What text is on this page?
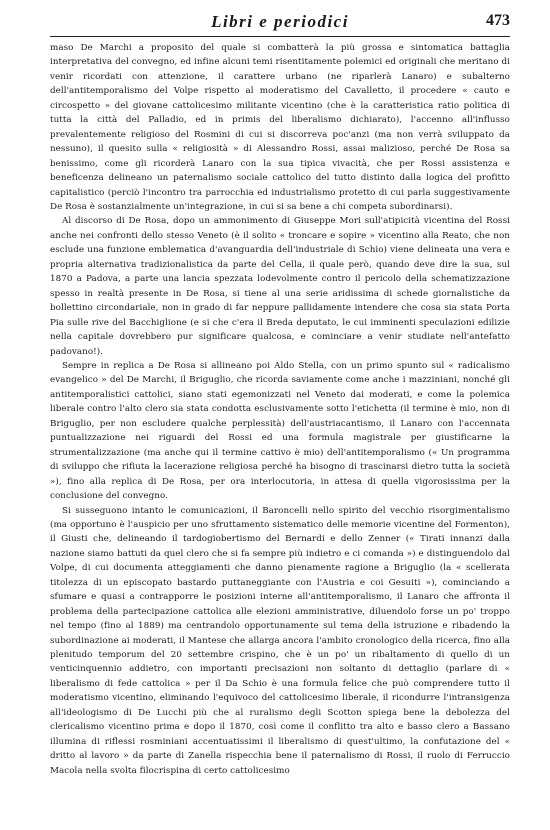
Libri e periodici	473

maso De Marchi a proposito del quale si combatterà la più grossa e sintomatica battaglia interpretativa del convegno, ed infine alcuni temi risentitamente polemici ed originali che meritano di venir ricordati con attenzione, il carattere urbano (ne riparlerà Lanaro) e subalterno dell'antitemporalismo del Volpe rispetto al moderatismo del Cavalletto, il procedere « cauto e circospetto » del giovane cattolicesimo militante vicentino (che è la caratteristica ratio politica di tutta la città del Palladio, ed in primis del liberalismo dichiarato), l'accenno all'influsso prevalentemente religioso del Rosmini di cui si discorreva poc'anzi (ma non verrà sviluppato da nessuno), il quesito sulla « religiosità » di Alessandro Rossi, assai malizioso, perché De Rosa sa benissimo, come gli ricorderà Lanaro con la sua tipica vivacità, che per Rossi assistenza e beneficenza delineano un paternalismo sociale cattolico del tutto distinto dalla logica del profitto capitalistico (perciò l'incontro tra parrocchia ed industrialismo protetto di cui parla suggestivamente De Rosa è sostanzialmente un'integrazione, in cui si sa bene a chi competa subordinarsi).

Al discorso di De Rosa, dopo un ammonimento di Giuseppe Mori sull'atipicità vicentina del Rossi anche nei confronti dello stesso Veneto (è il solito « troncare e sopire » vicentino alla Reato, che non esclude una funzione emblematica d'avanguardia dell'industriale di Schio) viene delineata una vera e propria alternativa tradizionalistica da parte del Cella, il quale però, quando deve dire la sua, sul 1870 a Padova, a parte una lancia spezzata lodevolmente contro il pericolo della schematizzazione spesso in realtà presente in De Rosa, si tiene al una serie aridissima di schede giornalistiche da bollettino circondariale, non in grado di far neppure pallidamente intendere che cosa sia stata Porta Pia sulle rive del Bacchiglione (e si che c'era il Breda deputato, le cui imminenti speculazioni edilizie nella capitale dovrebbero pur significare qualcosa, e cominciare a venir studiate nell'antefatto padovano!).

Sempre in replica a De Rosa si allineano poi Aldo Stella, con un primo spunto sul « radicalismo evangelico » del De Marchi, il Briguglio, che ricorda saviamente come anche i mazziniani, nonché gli antitemporalistici cattolici, siano stati egemonizzati nel Veneto dai moderati, e come la polemica liberale contro l'alto clero sia stata condotta esclusivamente sotto l'etichetta (il termine è mio, non di Briguglio, per non escludere qualche perplessità) dell'austriacantismo, il Lanaro con l'accennata puntualizzazione nei riguardi del Rossi ed una formula magistrale per giustificarne la strumentalizzazione (ma anche qui il termine cattivo è mio) dell'antitemporalismo (« Un programma di sviluppo che rifiuta la lacerazione religiosa perché ha bisogno di trascinarsi dietro tutta la società »), fino alla replica di De Rosa, per ora interlocutoria, in attesa di quella vigorosissima per la conclusione del convegno.

Si susseguono intanto le comunicazioni, il Baroncelli nello spirito del vecchio risorgimentalismo (ma opportuno è l'auspicio per uno sfruttamento sistematico delle memorie vicentine del Formenton), il Giusti che, delineando il tardogiobertismo del Bernardi e dello Zenner (« Tirati innanzi dalla nazione siamo battuti da quel clero che si fa sempre più indietro e ci comanda ») e distinguendolo dal Volpe, di cui documenta atteggiamenti che danno pienamente ragione a Briguglio (la « scellerata titolezza di un episcopato bastardo puttaneggiante con l'Austria e coi Gesuiti »), cominciando a sfumare e quasi a contrapporre le posizioni interne all'antitemporalismo, il Lanaro che affronta il problema della partecipazione cattolica alle elezioni amministrative, diluendolo forse un po' troppo nel tempo (fino al 1889) ma centrandolo opportunamente sul tema della istruzione e ribadendo la subordinazione ai moderati, il Mantese che allarga ancora l'ambito cronologico della ricerca, fino alla plenitudo temporum del 20 settembre crispino, che è un po' un ribaltamento di quello di un venticinquennio addietro, con importanti precisazioni non soltanto di dettaglio (parlare di « liberalismo di fede cattolica » per il Da Schio è una formula felice che può comprendere tutto il moderatismo vicentino, eliminando l'equivoco del cattolicesimo liberale, il ricondurre l'intransigenza all'ideologismo di De Lucchi più che al ruralismo degli Scotton spiega bene la debolezza del clericalismo vicentino prima e dopo il 1870, così come il conflitto tra alto e basso clero a Bassano illumina di riflessi rosminiani accentuatissimi il liberalismo di quest'ultimo, la confutazione del « dritto al lavoro » da parte di Zanella rispecchia bene il paternalismo di Rossi, il ruolo di Ferruccio Macola nella svolta filocrispina di certo cattolicesimo
